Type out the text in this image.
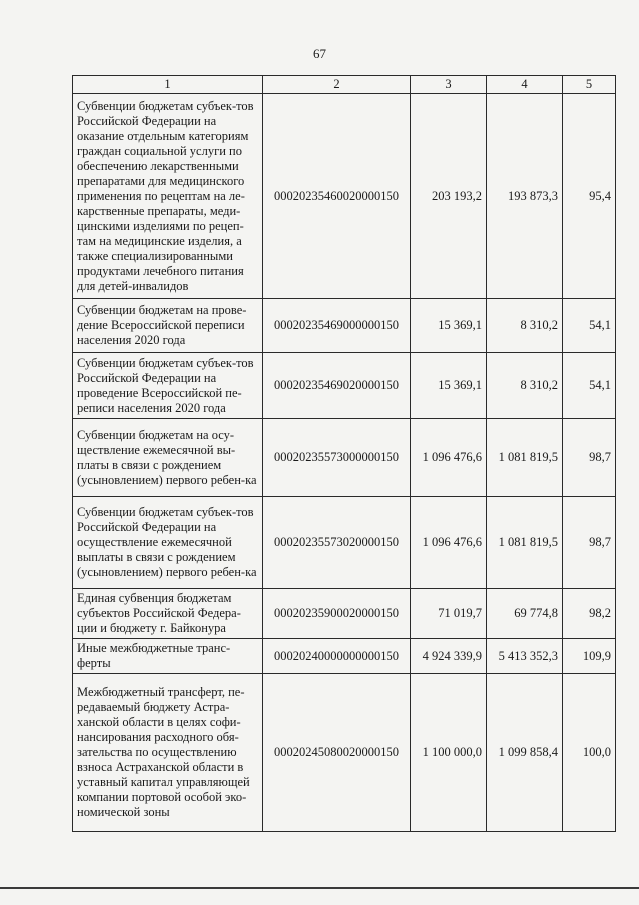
67
1	2	3	4	5
Субвенции бюджетам субъек-тов Российской Федерации на оказание отдельным категориям граждан социальной услуги по обеспечению лекарственными препаратами для медицинского применения по рецептам на ле-карственные препараты, меди-цинскими изделиями по рецеп-там на медицинские изделия, а также специализированными продуктами лечебного питания для детей-инвалидов	00020235460020000150	203 193,2	193 873,3	95,4
Субвенции бюджетам на прове-дение Всероссийской переписи населения 2020 года	00020235469000000150	15 369,1	8 310,2	54,1
Субвенции бюджетам субъек-тов Российской Федерации на проведение Всероссийской пе-реписи населения 2020 года	00020235469020000150	15 369,1	8 310,2	54,1
Субвенции бюджетам на осу-ществление ежемесячной вы-платы в связи с рождением (усыновлением) первого ребен-ка	00020235573000000150	1 096 476,6	1 081 819,5	98,7
Субвенции бюджетам субъек-тов Российской Федерации на осуществление ежемесячной выплаты в связи с рождением (усыновлением) первого ребен-ка	00020235573020000150	1 096 476,6	1 081 819,5	98,7
Единая субвенция бюджетам субъектов Российской Федера-ции и бюджету г. Байконура	00020235900020000150	71 019,7	69 774,8	98,2
Иные межбюджетные транс-ферты	00020240000000000150	4 924 339,9	5 413 352,3	109,9
Межбюджетный трансферт, пе-редаваемый бюджету Астра-ханской области в целях софи-нансирования расходного обя-зательства по осуществлению взноса Астраханской области в уставный капитал управляющей компании портовой особой эко-номической зоны	00020245080020000150	1 100 000,0	1 099 858,4	100,0
